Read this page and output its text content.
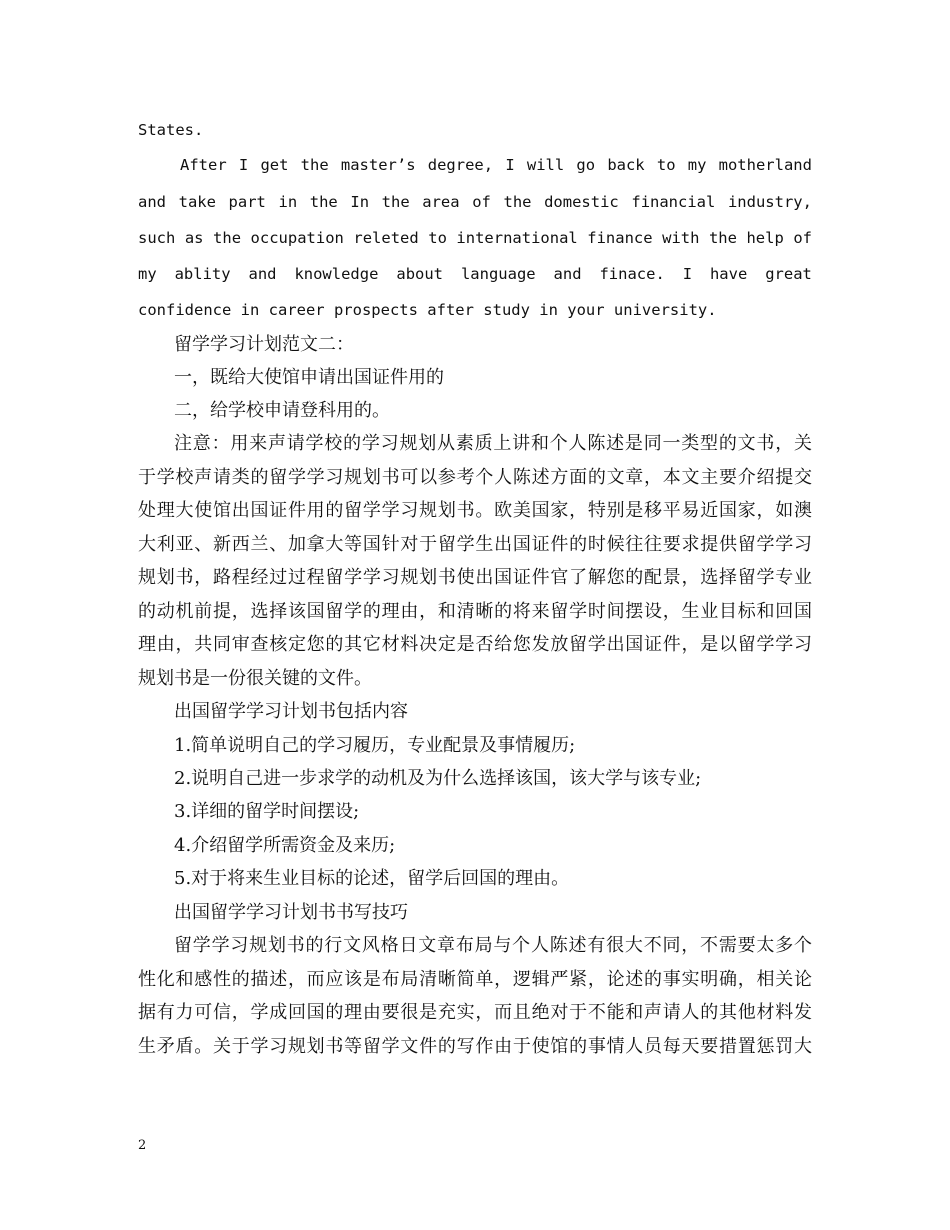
States.
After I get the master’s degree, I will go back to my motherland
and take part in the In the area of the domestic financial industry,
such as the occupation releted to international finance with the help of
my ablity and knowledge about language and finace. I have great
confidence in career prospects after study in your university.
留学学习计划范文二：
一，既给大使馆申请出国证件用的
二，给学校申请登科用的。
注意：用来声请学校的学习规划从素质上讲和个人陈述是同一类型的文书，关
于学校声请类的留学学习规划书可以参考个人陈述方面的文章，本文主要介绍提交
处理大使馆出国证件用的留学学习规划书。欧美国家，特别是移平易近国家，如澳
大利亚、新西兰、加拿大等国针对于留学生出国证件的时候往往要求提供留学学习
规划书，路程经过过程留学学习规划书使出国证件官了解您的配景，选择留学专业
的动机前提，选择该国留学的理由，和清晰的将来留学时间摆设，生业目标和回国
理由，共同审查核定您的其它材料决定是否给您发放留学出国证件，是以留学学习
规划书是一份很关键的文件。
出国留学学习计划书包括内容
1.简单说明自己的学习履历，专业配景及事情履历;
2.说明自己进一步求学的动机及为什么选择该国，该大学与该专业;
3.详细的留学时间摆设;
4.介绍留学所需资金及来历;
5.对于将来生业目标的论述，留学后回国的理由。
出国留学学习计划书书写技巧
留学学习规划书的行文风格日文章布局与个人陈述有很大不同，不需要太多个
性化和感性的描述，而应该是布局清晰简单，逻辑严紧，论述的事实明确，相关论
据有力可信，学成回国的理由要很是充实，而且绝对于不能和声请人的其他材料发
生矛盾。关于学习规划书等留学文件的写作由于使馆的事情人员每天要措置惩罚大
2
